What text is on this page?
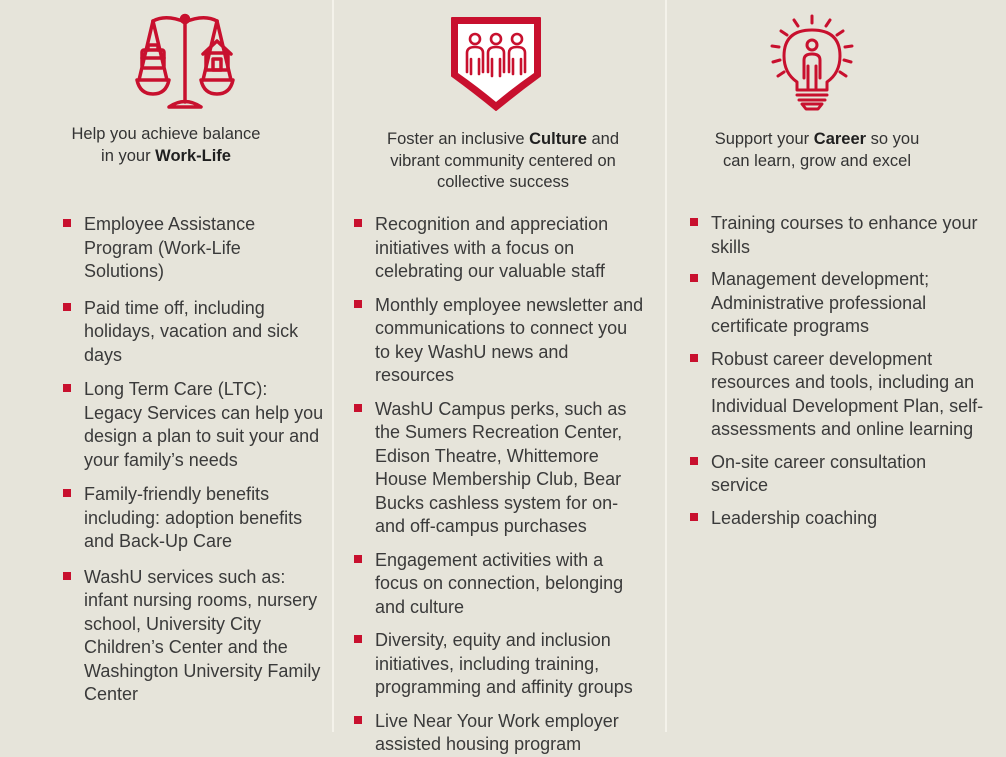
Help you achieve balance
in your Work-Life
Employee Assistance Program (Work-Life Solutions)
Paid time off, including holidays, vacation and sick days
Long Term Care (LTC): Legacy Services can help you design a plan to suit your and your family’s needs
Family-friendly benefits including: adoption benefits and Back-Up Care
WashU services such as: infant nursing rooms, nursery school, University City Children’s Center and the Washington University Family Center
Foster an inclusive Culture and vibrant community centered on collective success
Recognition and appreciation initiatives with a focus on celebrating our valuable staff
Monthly employee newsletter and communications to connect you to key WashU news and resources
WashU Campus perks, such as the Sumers Recreation Center, Edison Theatre, Whittemore House Membership Club, Bear Bucks cashless system for on- and off-campus purchases
Engagement activities with a focus on connection, belonging and culture
Diversity, equity and inclusion initiatives, including training, programming and affinity groups
Live Near Your Work employer assisted housing program
Support your Career so you can learn, grow and excel
Training courses to enhance your skills
Management development; Administrative professional certificate programs
Robust career development resources and tools, including an Individual Development Plan, self-assessments and online learning
On-site career consultation service
Leadership coaching
